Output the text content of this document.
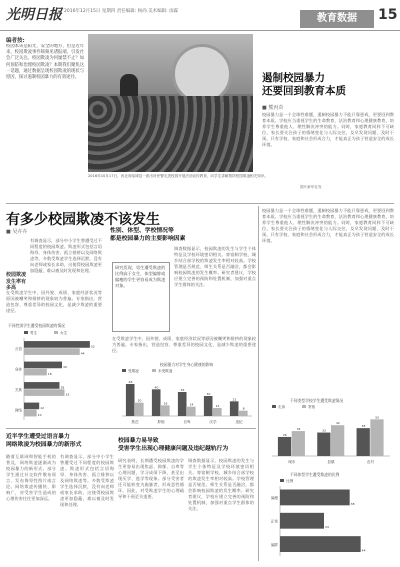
光明日报 2016年12月15日 星期四 责任编辑: 杨尚 美术编辑: 雨霖
教育数据	15
编者按:
校园本该是阳光、安全的地方，但是近年来，校园欺凌事件频频见诸报端，引发社会广泛关注。校园欺凌为何屡禁不止？如何预防和治理校园欺凌？本期我们聚焦这一话题，通过数据呈现校园欺凌的现状与原因，探讨遏制校园暴力的有效途径。
2016年10月17日，河北省临城县一派出所民警走进校园开展法治宣传教育，向学生讲解预防校园欺凌相关知识。
图片新华社发
遏制校园暴力
还要回到教育本质
■ 熊丙奇
校园暴力是一个全球性难题，遏制校园暴力不能只靠惩戒，更要回到教育本质。学校应当重视学生的生命教育、法治教育和心理健康教育，培养学生尊重他人、理性解决冲突的能力。同时，家庭教育同样不可缺位，家长要关注孩子的情绪变化与人际交往，及早发现问题、及时干预。只有学校、家庭和社会形成合力，才能真正为孩子营造安全的成长环境。
有多少校园欺凌不该发生
■ 吴卉卉
校园欺凌发生率有多高
有调查显示，部分中小学生曾遭受过不同程度的校园欺凌。欺凌形式包括言语侮辱、身体伤害、孤立排挤以及网络欺凌等。多数受欺凌学生选择沉默，没有向老师或家长求助，这使得校园欺凌更加隐蔽，难以被及时发现和处理。
在受欺凌学生中，因外貌、成绩、家庭经济状况等原因被嘲笑和排挤的现象较为普遍。专家指出，营造包容、尊重差异的校园文化，是减少欺凌的重要途径。
不同性别学生遭受校园欺凌的情况
男生	女生
52
44
言语
30
18
身体
28
32
关系
12
10
网络
性别、体型、学校情况等
都是校园暴力的主要影响因素
研究发现，男生遭受欺凌的比例高于女生，体型偏胖或偏瘦的学生更容易成为欺凌对象。
调查数据显示，校园欺凌的发生与学生个体特征及学校环境密切相关。寄宿制学校、城乡结合部学校的欺凌发生率相对较高。学校管理是否规范、师生关系是否融洽，都会影响校园欺凌的发生概率。研究者建议，学校应建立完善的预防和处置机制，加强对重点学生群体的关注。
在受欺凌学生中，因外貌、成绩、家庭经济状况等原因被嘲笑和排挤的现象较为普遍。专家指出，营造包容、尊重差异的校园文化，是减少欺凌的重要途径。
校园暴力对学生身心健康的影响
受欺凌	未受欺凌
48
20
焦虑
40
16
抑郁
36
14
自卑
30
12
厌学
22
8
违纪
近半学生遭受过语言暴力
网络欺凌为校园暴力的新形式
随着互联网和智能手机的普及，网络欺凌逐渐成为校园暴力的新形式。部分学生通过社交软件散布谣言、发布侮辱性图片或言论。网络欺凌传播快、影响广，对受害学生造成的心理伤害往往更加深远。
有调查显示，部分中小学生曾遭受过不同程度的校园欺凌。欺凌形式包括言语侮辱、身体伤害、孤立排挤以及网络欺凌等。多数受欺凌学生选择沉默，没有向老师或家长求助，这使得校园欺凌更加隐蔽，难以被及时发现和处理。
校园暴力易导致
受害学生出现心理健康问题及违纪越轨行为
研究表明，长期遭受校园欺凌的学生更容易出现焦虑、抑郁、自卑等心理问题，学习成绩下降，甚至出现厌学、逃学等现象。部分受害者还可能转变为施暴者，形成恶性循环。因此，对受欺凌学生的心理疏导和干预至关重要。
调查数据显示，校园欺凌的发生与学生个体特征及学校环境密切相关。寄宿制学校、城乡结合部学校的欺凌发生率相对较高。学校管理是否规范、师生关系是否融洽，都会影响校园欺凌的发生概率。研究者建议，学校应建立完善的预防和处置机制，加强对重点学生群体的关注。
校园暴力是一个全球性难题，遏制校园暴力不能只靠惩戒，更要回到教育本质。学校应当重视学生的生命教育、法治教育和心理健康教育，培养学生尊重他人、理性解决冲突的能力。同时，家庭教育同样不可缺位，家长要关注孩子的情绪变化与人际交往，及早发现问题、及时干预。只有学校、家庭和社会形成合力，才能真正为孩子营造安全的成长环境。
不同类型学校学生遭受欺凌情况
走读	寄宿
26
34
城市
32
42
县镇
38
50
农村
不同体型学生遭受欺凌的比例
比例
38
偏瘦
24
正常
44
偏胖
